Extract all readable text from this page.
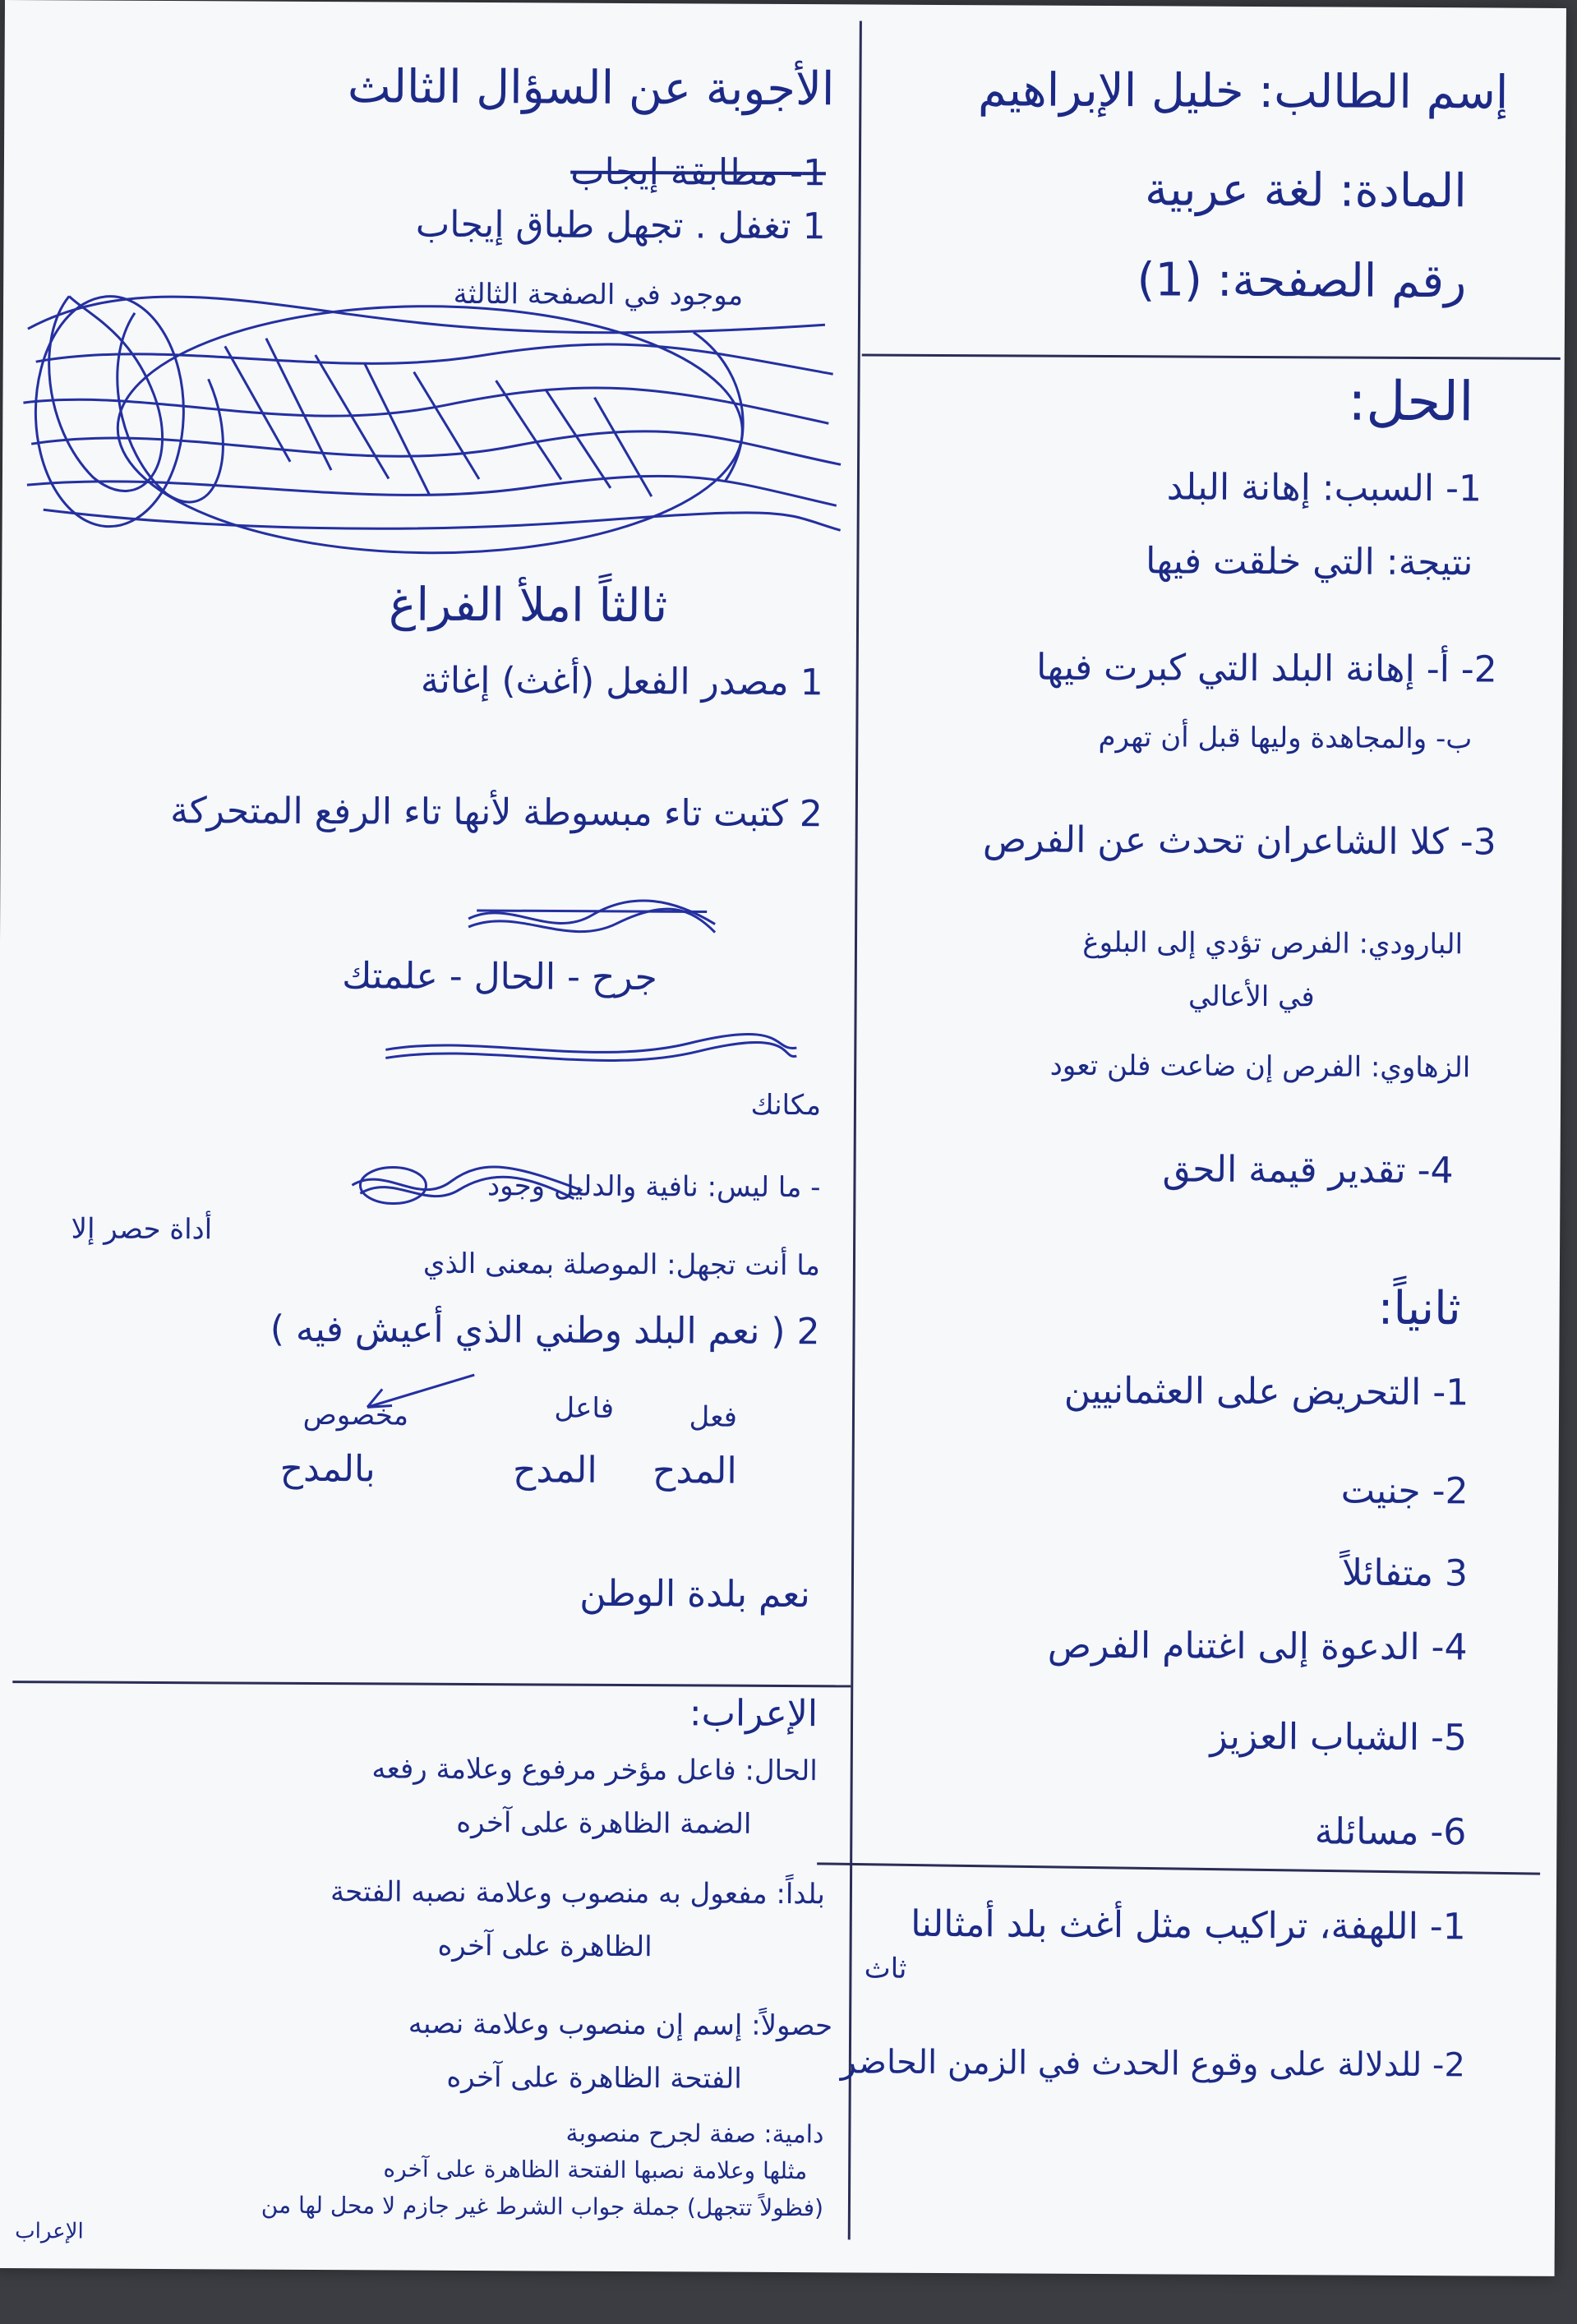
إسم الطالب: خليل الإبراهيم
المادة: لغة عربية
رقم الصفحة: (1)
الحل:
1- السبب: إهانة البلد
نتيجة: التي خلقت فيها
2- أ- إهانة البلد التي كبرت فيها
ب- والمجاهدة وليها قبل أن تهرم
3- كلا الشاعران تحدث عن الفرص
البارودي: الفرص تؤدي إلى البلوغ
في الأعالي
الزهاوي: الفرص إن ضاعت فلن تعود
4- تقدير قيمة الحق
ثانياً:
1- التحريض على العثمانيين
2- جنيت
3 متفائلاً
4- الدعوة إلى اغتنام الفرص
5- الشباب العزيز
6- مسائلة
1- اللهفة، تراكيب مثل أغث بلد أمثالنا
ثاث
2- للدلالة على وقوع الحدث في الزمن الحاضر
الأجوبة عن السؤال الثالث
1- مطابقة إيجاب
1 تغفل . تجهل طباق إيجاب
موجود في الصفحة الثالثة
ثالثاً املأ الفراغ
1 مصدر الفعل (أغث) إغاثة
2 كتبت تاء مبسوطة لأنها تاء الرفع المتحركة
جرح - الحال - علمتك
مكانك
- ما ليس: نافية والدليل وجود
أداة حصر إلا
ما أنت تجهل: الموصلة بمعنى الذي
2 ( نعم البلد وطني الذي أعيش فيه )
فعل
فاعل
مخصوص
المدح
المدح
بالمدح
نعم بلدة الوطن
الإعراب:
الحال: فاعل مؤخر مرفوع وعلامة رفعه
الضمة الظاهرة على آخره
بلداً: مفعول به منصوب وعلامة نصبه الفتحة
الظاهرة على آخره
حصولاً: إسم إن منصوب وعلامة نصبه
الفتحة الظاهرة على آخره
دامية: صفة لجرح منصوبة
مثلها وعلامة نصبها الفتحة الظاهرة على آخره
(فظولاً تتجهل) جملة جواب الشرط غير جازم لا محل لها من
الإعراب
